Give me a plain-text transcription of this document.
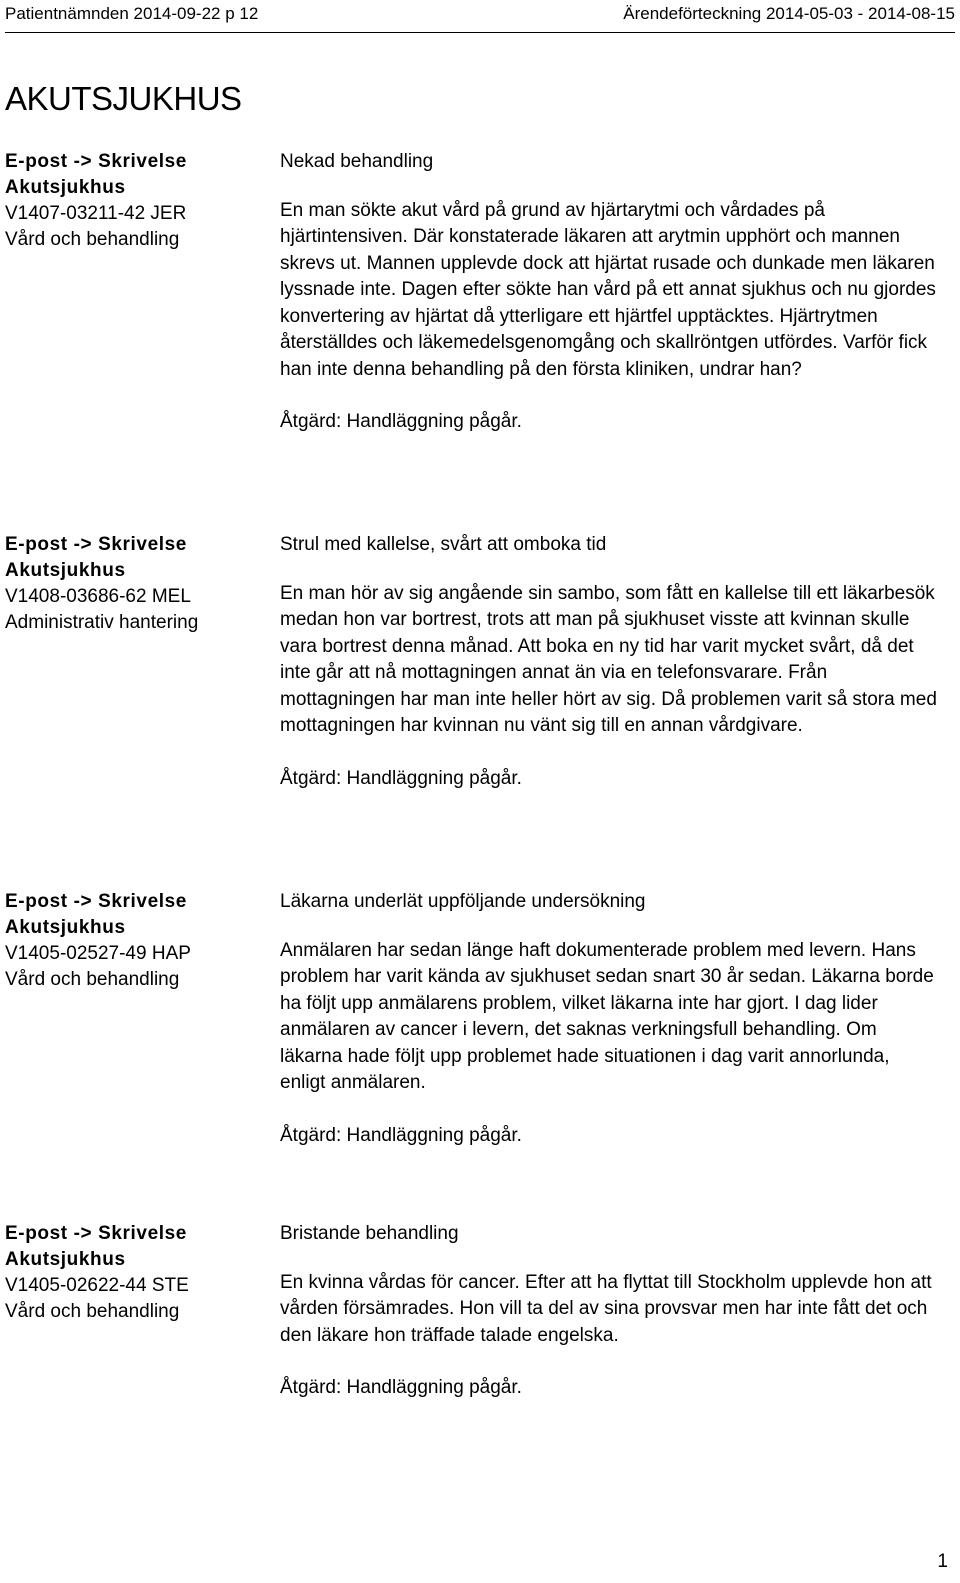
Patientnämnden 2014-09-22 p 12	Ärendeförteckning 2014-05-03 - 2014-08-15
AKUTSJUKHUS
E-post -> Skrivelse
Akutsjukhus
V1407-03211-42 JER
Vård och behandling
Nekad behandling

En man sökte akut vård på grund av hjärtarytmi och vårdades på hjärtintensiven. Där konstaterade läkaren att arytmin upphört och mannen skrevs ut. Mannen upplevde dock att hjärtat rusade och dunkade men läkaren lyssnade inte. Dagen efter sökte han vård på ett annat sjukhus och nu gjordes konvertering av hjärtat då ytterligare ett hjärtfel upptäcktes. Hjärtrytmen återställdes och läkemedelsgenomgång och skallröntgen utfördes. Varför fick han inte denna behandling på den första kliniken, undrar han?

Åtgärd: Handläggning pågår.
E-post -> Skrivelse
Akutsjukhus
V1408-03686-62 MEL
Administrativ hantering
Strul med kallelse, svårt att omboka tid

En man hör av sig angående sin sambo, som fått en kallelse till ett läkarbesök medan hon var bortrest, trots att man på sjukhuset visste att kvinnan skulle vara bortrest denna månad. Att boka en ny tid har varit mycket svårt, då det inte går att nå mottagningen annat än via en telefonsvarare. Från mottagningen har man inte heller hört av sig. Då problemen varit så stora med mottagningen har kvinnan nu vänt sig till en annan vårdgivare.

Åtgärd: Handläggning pågår.
E-post -> Skrivelse
Akutsjukhus
V1405-02527-49 HAP
Vård och behandling
Läkarna underlät uppföljande undersökning

Anmälaren har sedan länge haft dokumenterade problem med levern. Hans problem har varit kända av sjukhuset sedan snart 30 år sedan. Läkarna borde ha följt upp anmälarens problem, vilket läkarna inte har gjort. I dag lider anmälaren av cancer i levern, det saknas verkningsfull behandling. Om läkarna hade följt upp problemet hade situationen i dag varit annorlunda, enligt anmälaren.

Åtgärd: Handläggning pågår.
E-post -> Skrivelse
Akutsjukhus
V1405-02622-44 STE
Vård och behandling
Bristande behandling

En kvinna vårdas för cancer. Efter att ha flyttat till Stockholm upplevde hon att vården försämrades. Hon vill ta del av sina provsvar men har inte fått det och den läkare hon träffade talade engelska.

Åtgärd: Handläggning pågår.
1
